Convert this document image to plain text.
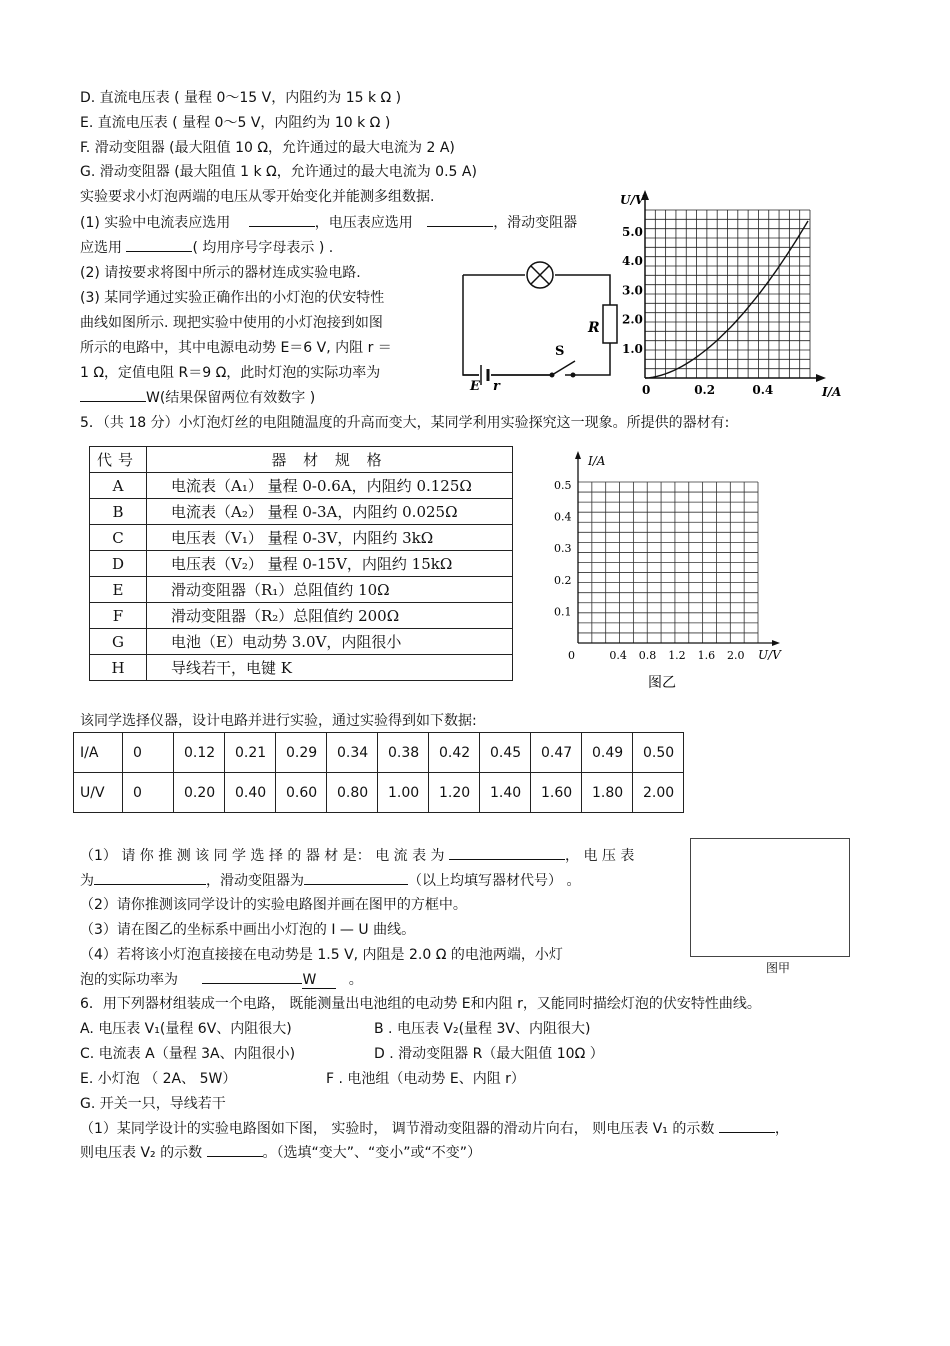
D. 直流电压表 ( 量程 0～15 V，内阻约为 15 k Ω )
E. 直流电压表 ( 量程 0～5 V，内阻约为 10 k Ω )
F. 滑动变阻器 (最大阻值 10 Ω，允许通过的最大电流为 2 A)
G. 滑动变阻器 (最大阻值 1 k Ω，允许通过的最大电流为 0.5 A)
实验要求小灯泡两端的电压从零开始变化并能测多组数据.
(1) 实验中电流表应选用	，电压表应选用	，滑动变阻器
应选用	( 均用序号字母表示 ) .
(2) 请按要求将图中所示的器材连成实验电路.
(3) 某同学通过实验正确作出的小灯泡的伏安特性
曲线如图所示. 现把实验中使用的小灯泡接到如图
所示的电路中，其中电源电动势 E＝6 V, 内阻 r ＝
1 Ω，定值电阻 R＝9 Ω，此时灯泡的实际功率为
W(结果保留两位有效数字 )
R
S
E r
U/V
I/A
5.0
4.0
3.0
2.0
1.0
0	0.2	0.4
5．（共 18 分）小灯泡灯丝的电阻随温度的升高而变大，某同学利用实验探究这一现象。所提供的器材有:
代号	器 材 规 格
A	电流表（A₁） 量程 0-0.6A，内阻约 0.125Ω
B	电流表（A₂） 量程 0-3A，内阻约 0.025Ω
C	电压表（V₁） 量程 0-3V，内阻约 3kΩ
D	电压表（V₂） 量程 0-15V，内阻约 15kΩ
E	滑动变阻器（R₁）总阻值约 10Ω
F	滑动变阻器（R₂）总阻值约 200Ω
G	电池（E）电动势 3.0V，内阻很小
H	导线若干，电键 K
I/A
U/V
0.5
0.4
0.3
0.2
0.1
0	0.4 0.8 1.2 1.6 2.0
图乙
该同学选择仪器，设计电路并进行实验，通过实验得到如下数据:
I/A	0	0.12	0.21	0.29	0.34	0.38	0.42	0.45	0.47	0.49	0.50
U/V	0	0.20	0.40	0.60	0.80	1.00	1.20	1.40	1.60	1.80	2.00
（1） 请 你 推 测 该 同 学 选 择 的 器 材 是： 电 流 表 为	， 电 压 表
为	，滑动变阻器为	（以上均填写器材代号） 。
（2）请你推测该同学设计的实验电路图并画在图甲的方框中。
（3）请在图乙的坐标系中画出小灯泡的 I — U 曲线。
（4）若将该小灯泡直接接在电动势是 1.5 V, 内阻是 2.0 Ω 的电池两端，小灯
泡的实际功率为	W 。
图甲
6．用下列器材组装成一个电路， 既能测量出电池组的电动势 E和内阻 r，又能同时描绘灯泡的伏安特性曲线。
A. 电压表 V₁(量程 6V、内阻很大)	B . 电压表 V₂(量程 3V、内阻很大)
C. 电流表 A（量程 3A、内阻很小)	D . 滑动变阻器 R（最大阻值 10Ω ）
E. 小灯泡 （ 2A、 5W）	F . 电池组（电动势 E、内阻 r）
G. 开关一只，导线若干
（1）某同学设计的实验电路图如下图， 实验时， 调节滑动变阻器的滑动片向右， 则电压表 V₁ 的示数	，
则电压表 V₂ 的示数	。（选填“变大”、“变小”或“不变”）
